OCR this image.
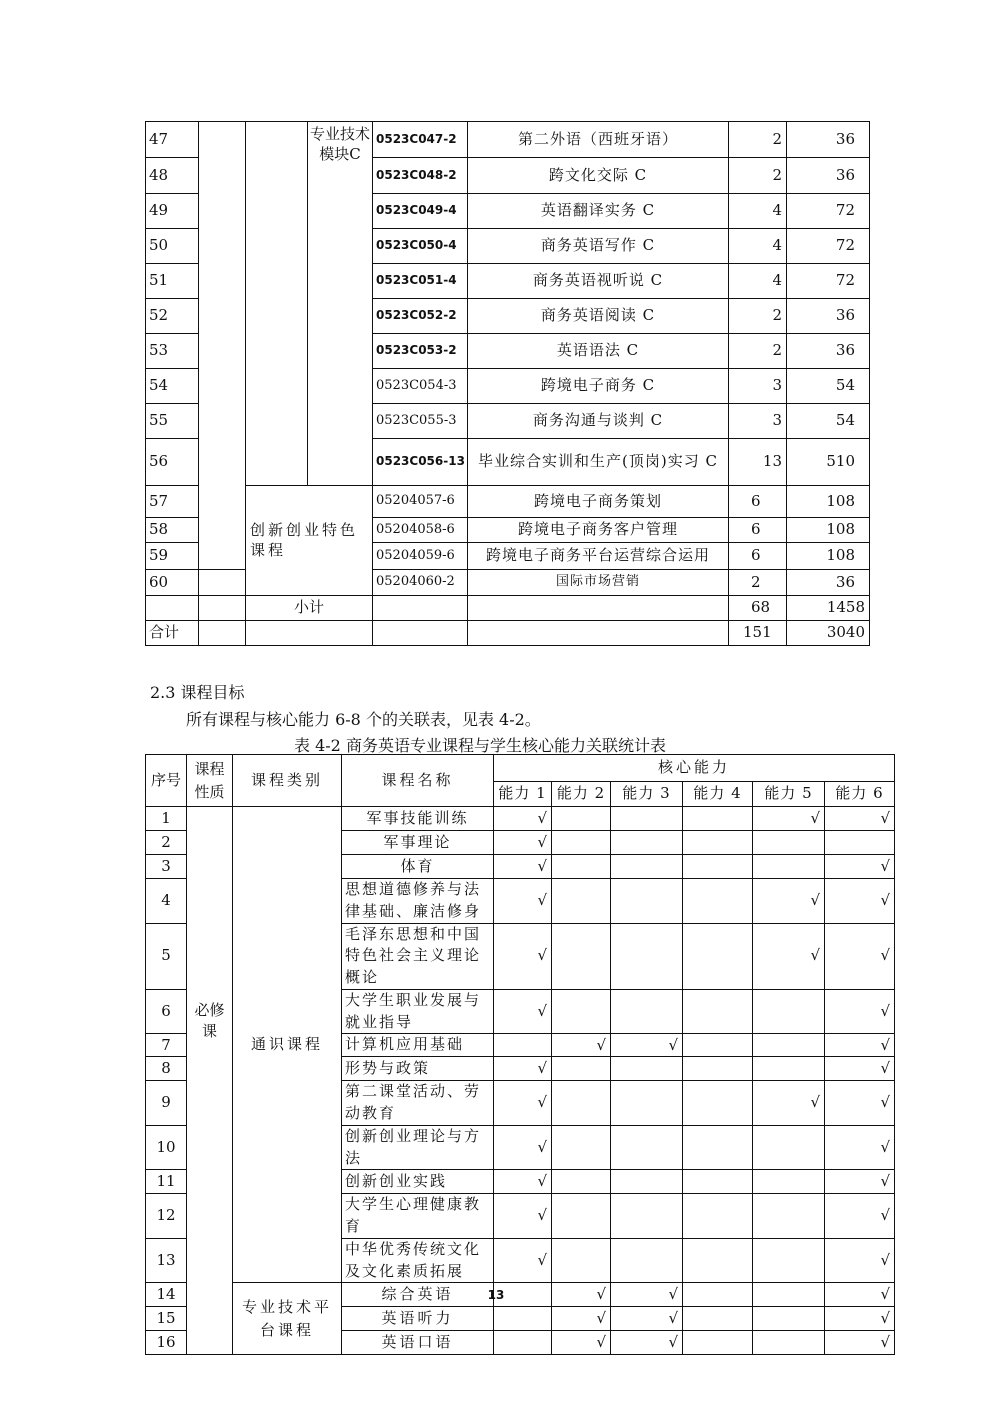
47			专业技术模块C	0523C047-2	第二外语（西班牙语）	2	36
48				0523C048-2	跨文化交际 C	2	36
49				0523C049-4	英语翻译实务 C	4	72
50				0523C050-4	商务英语写作 C	4	72
51				0523C051-4	商务英语视听说 C	4	72
52				0523C052-2	商务英语阅读 C	2	36
53				0523C053-2	英语语法 C	2	36
54				0523C054-3	跨境电子商务 C	3	54
55				0523C055-3	商务沟通与谈判 C	3	54
56				0523C056-13	毕业综合实训和生产(顶岗)实习 C	13	510
57		创新创业特色课程		05204057-6	跨境电子商务策划	6	108
58				05204058-6	跨境电子商务客户管理	6	108
59				05204059-6	跨境电子商务平台运营综合运用	6	108
60				05204060-2	国际市场营销	2	36
		小计				68	1458
合计						151	3040
2.3 课程目标
所有课程与核心能力 6-8 个的关联表，见表 4-2。
表 4-2 商务英语专业课程与学生核心能力关联统计表
序号	课程性质	课程类别	课程名称	核心能力					
				能力 1	能力 2	能力 3	能力 4	能力 5	能力 6
1	必修课	通识课程	军事技能训练	√				√	√
2			军事理论	√					
3			体育	√					√
4			思想道德修养与法律基础、廉洁修身	√				√	√
5			毛泽东思想和中国特色社会主义理论概论	√				√	√
6			大学生职业发展与就业指导	√					√
7			计算机应用基础		√	√			√
8			形势与政策	√					√
9			第二课堂活动、劳动教育	√				√	√
10			创新创业理论与方法	√					√
11			创新创业实践	√					√
12			大学生心理健康教育	√					√
13			中华优秀传统文化及文化素质拓展	√					√
14		专业技术平台课程	综合英语		√	√			√
15			英语听力		√	√			√
16			英语口语		√	√			√
13
